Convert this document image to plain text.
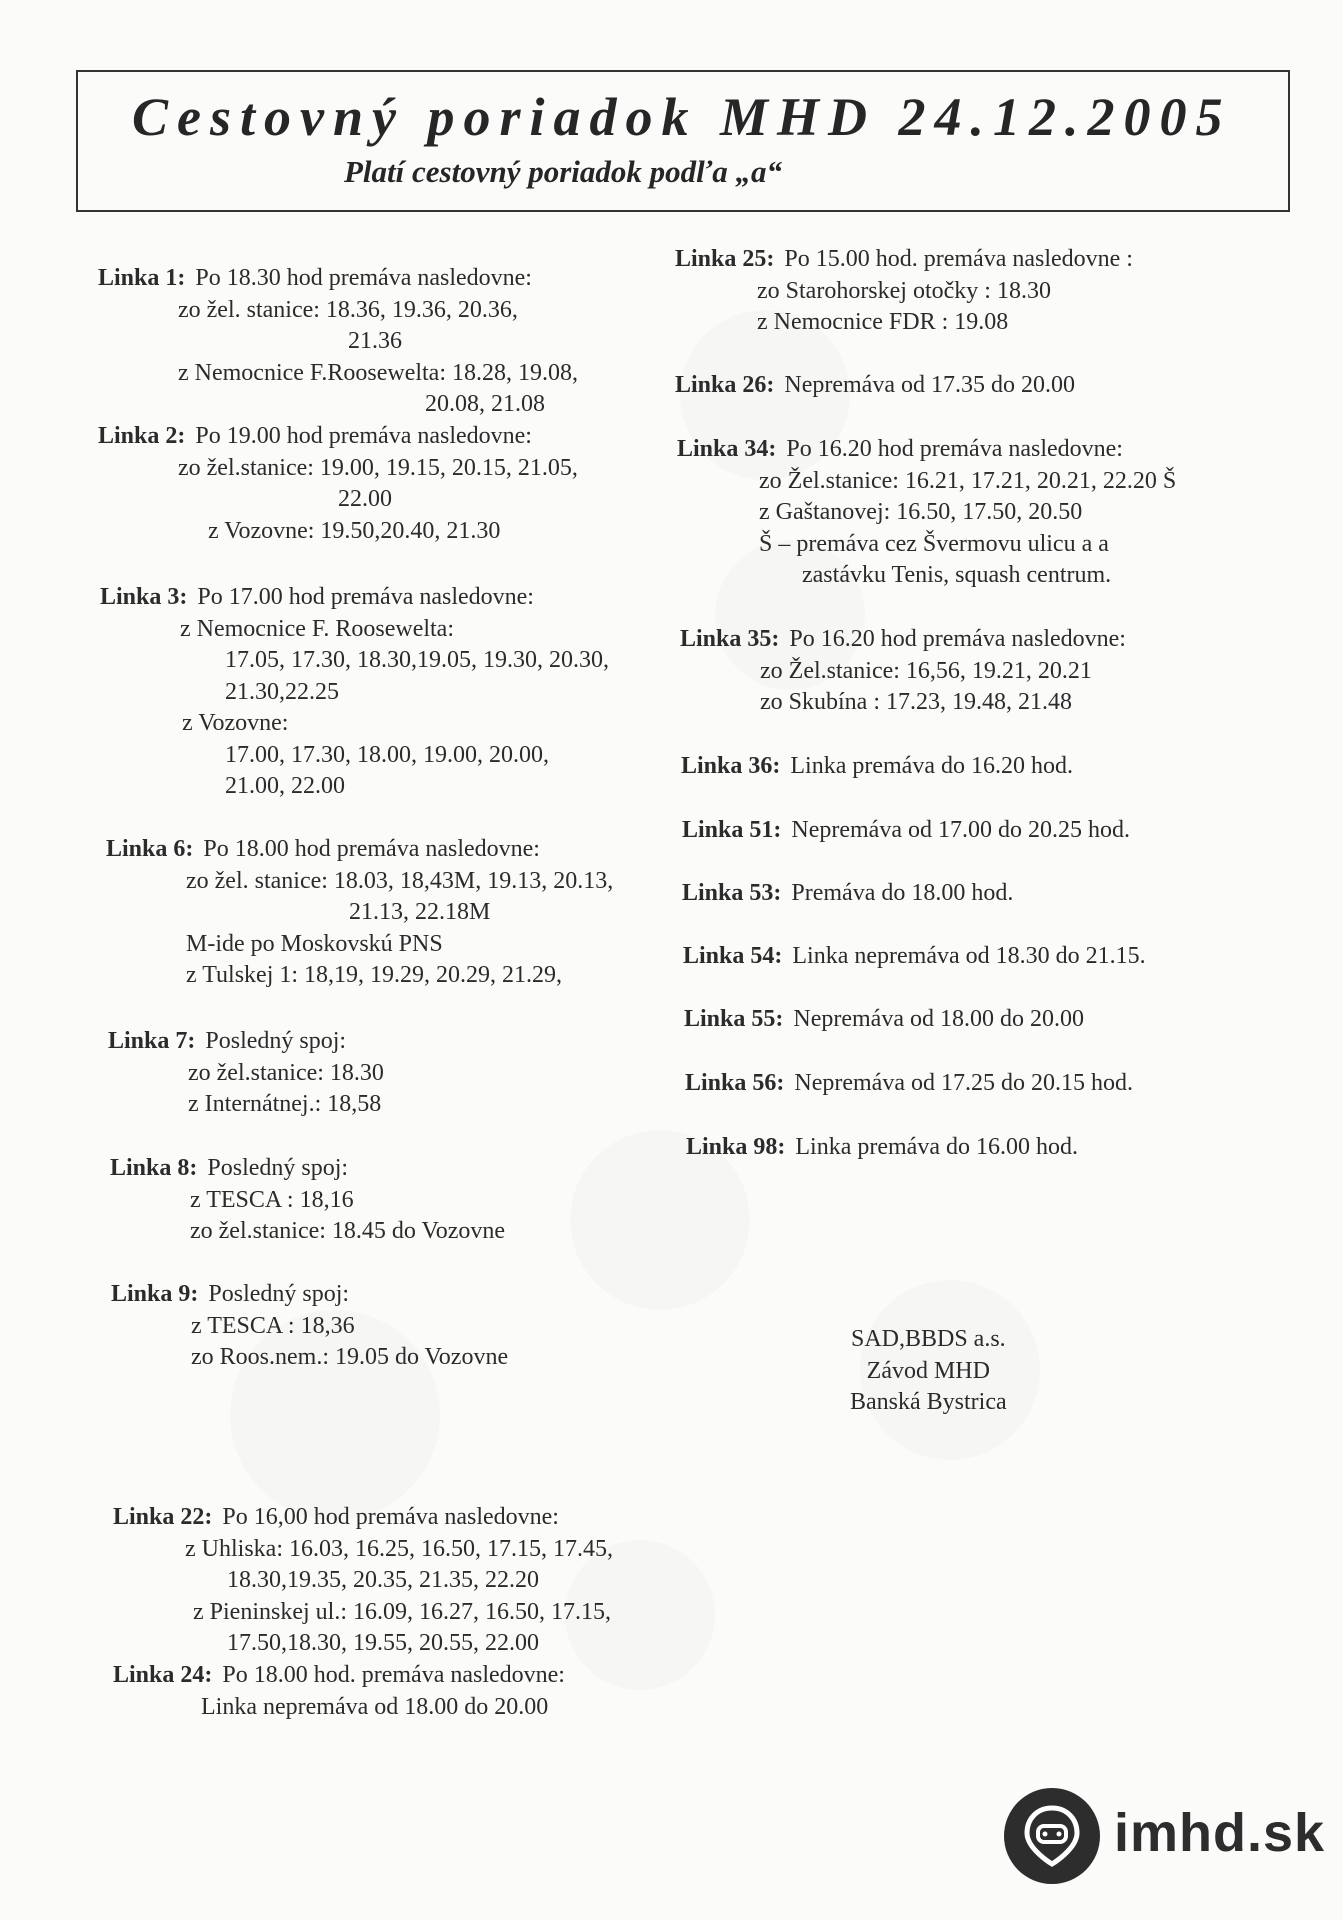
Cestovný poriadok MHD 24.12.2005
Platí cestovný poriadok podľa „a“
Linka 1: Po 18.30 hod premáva nasledovne:
zo žel. stanice: 18.36, 19.36, 20.36,
21.36
z Nemocnice F.Roosewelta: 18.28, 19.08,
20.08, 21.08
Linka 2: Po 19.00 hod premáva nasledovne:
zo žel.stanice: 19.00, 19.15, 20.15, 21.05,
22.00
z Vozovne: 19.50,20.40, 21.30
Linka 3: Po 17.00 hod premáva nasledovne:
z Nemocnice F. Roosewelta:
17.05, 17.30, 18.30,19.05, 19.30, 20.30,
21.30,22.25
z Vozovne:
17.00, 17.30, 18.00, 19.00, 20.00,
21.00, 22.00
Linka 6: Po 18.00 hod premáva nasledovne:
zo žel. stanice: 18.03, 18,43M, 19.13, 20.13,
21.13, 22.18M
M-ide po Moskovskú PNS
z Tulskej 1: 18,19, 19.29, 20.29, 21.29,
Linka 7: Posledný spoj:
zo žel.stanice: 18.30
z Internátnej.: 18,58
Linka 8: Posledný spoj:
z TESCA : 18,16
zo žel.stanice: 18.45 do Vozovne
Linka 9: Posledný spoj:
z TESCA : 18,36
zo Roos.nem.: 19.05 do Vozovne
Linka 22: Po 16,00 hod premáva nasledovne:
z Uhliska: 16.03, 16.25, 16.50, 17.15, 17.45,
18.30,19.35, 20.35, 21.35, 22.20
z Pieninskej ul.: 16.09, 16.27, 16.50, 17.15,
17.50,18.30, 19.55, 20.55, 22.00
Linka 24: Po 18.00 hod. premáva nasledovne:
Linka nepremáva od 18.00 do 20.00
Linka 25: Po 15.00 hod. premáva nasledovne :
zo Starohorskej otočky : 18.30
z Nemocnice FDR : 19.08
Linka 26: Nepremáva od 17.35 do 20.00
Linka 34: Po 16.20 hod premáva nasledovne:
zo Žel.stanice: 16.21, 17.21, 20.21, 22.20 Š
z Gaštanovej: 16.50, 17.50, 20.50
Š – premáva cez Švermovu ulicu a a
zastávku Tenis, squash centrum.
Linka 35: Po 16.20 hod premáva nasledovne:
zo Žel.stanice: 16,56, 19.21, 20.21
zo Skubína : 17.23, 19.48, 21.48
Linka 36: Linka premáva do 16.20 hod.
Linka 51: Nepremáva od 17.00 do 20.25 hod.
Linka 53: Premáva do 18.00 hod.
Linka 54: Linka nepremáva od 18.30 do 21.15.
Linka 55: Nepremáva od 18.00 do 20.00
Linka 56: Nepremáva od 17.25 do 20.15 hod.
Linka 98: Linka premáva do 16.00 hod.
SAD,BBDS a.s.
Závod MHD
Banská Bystrica
imhd.sk
